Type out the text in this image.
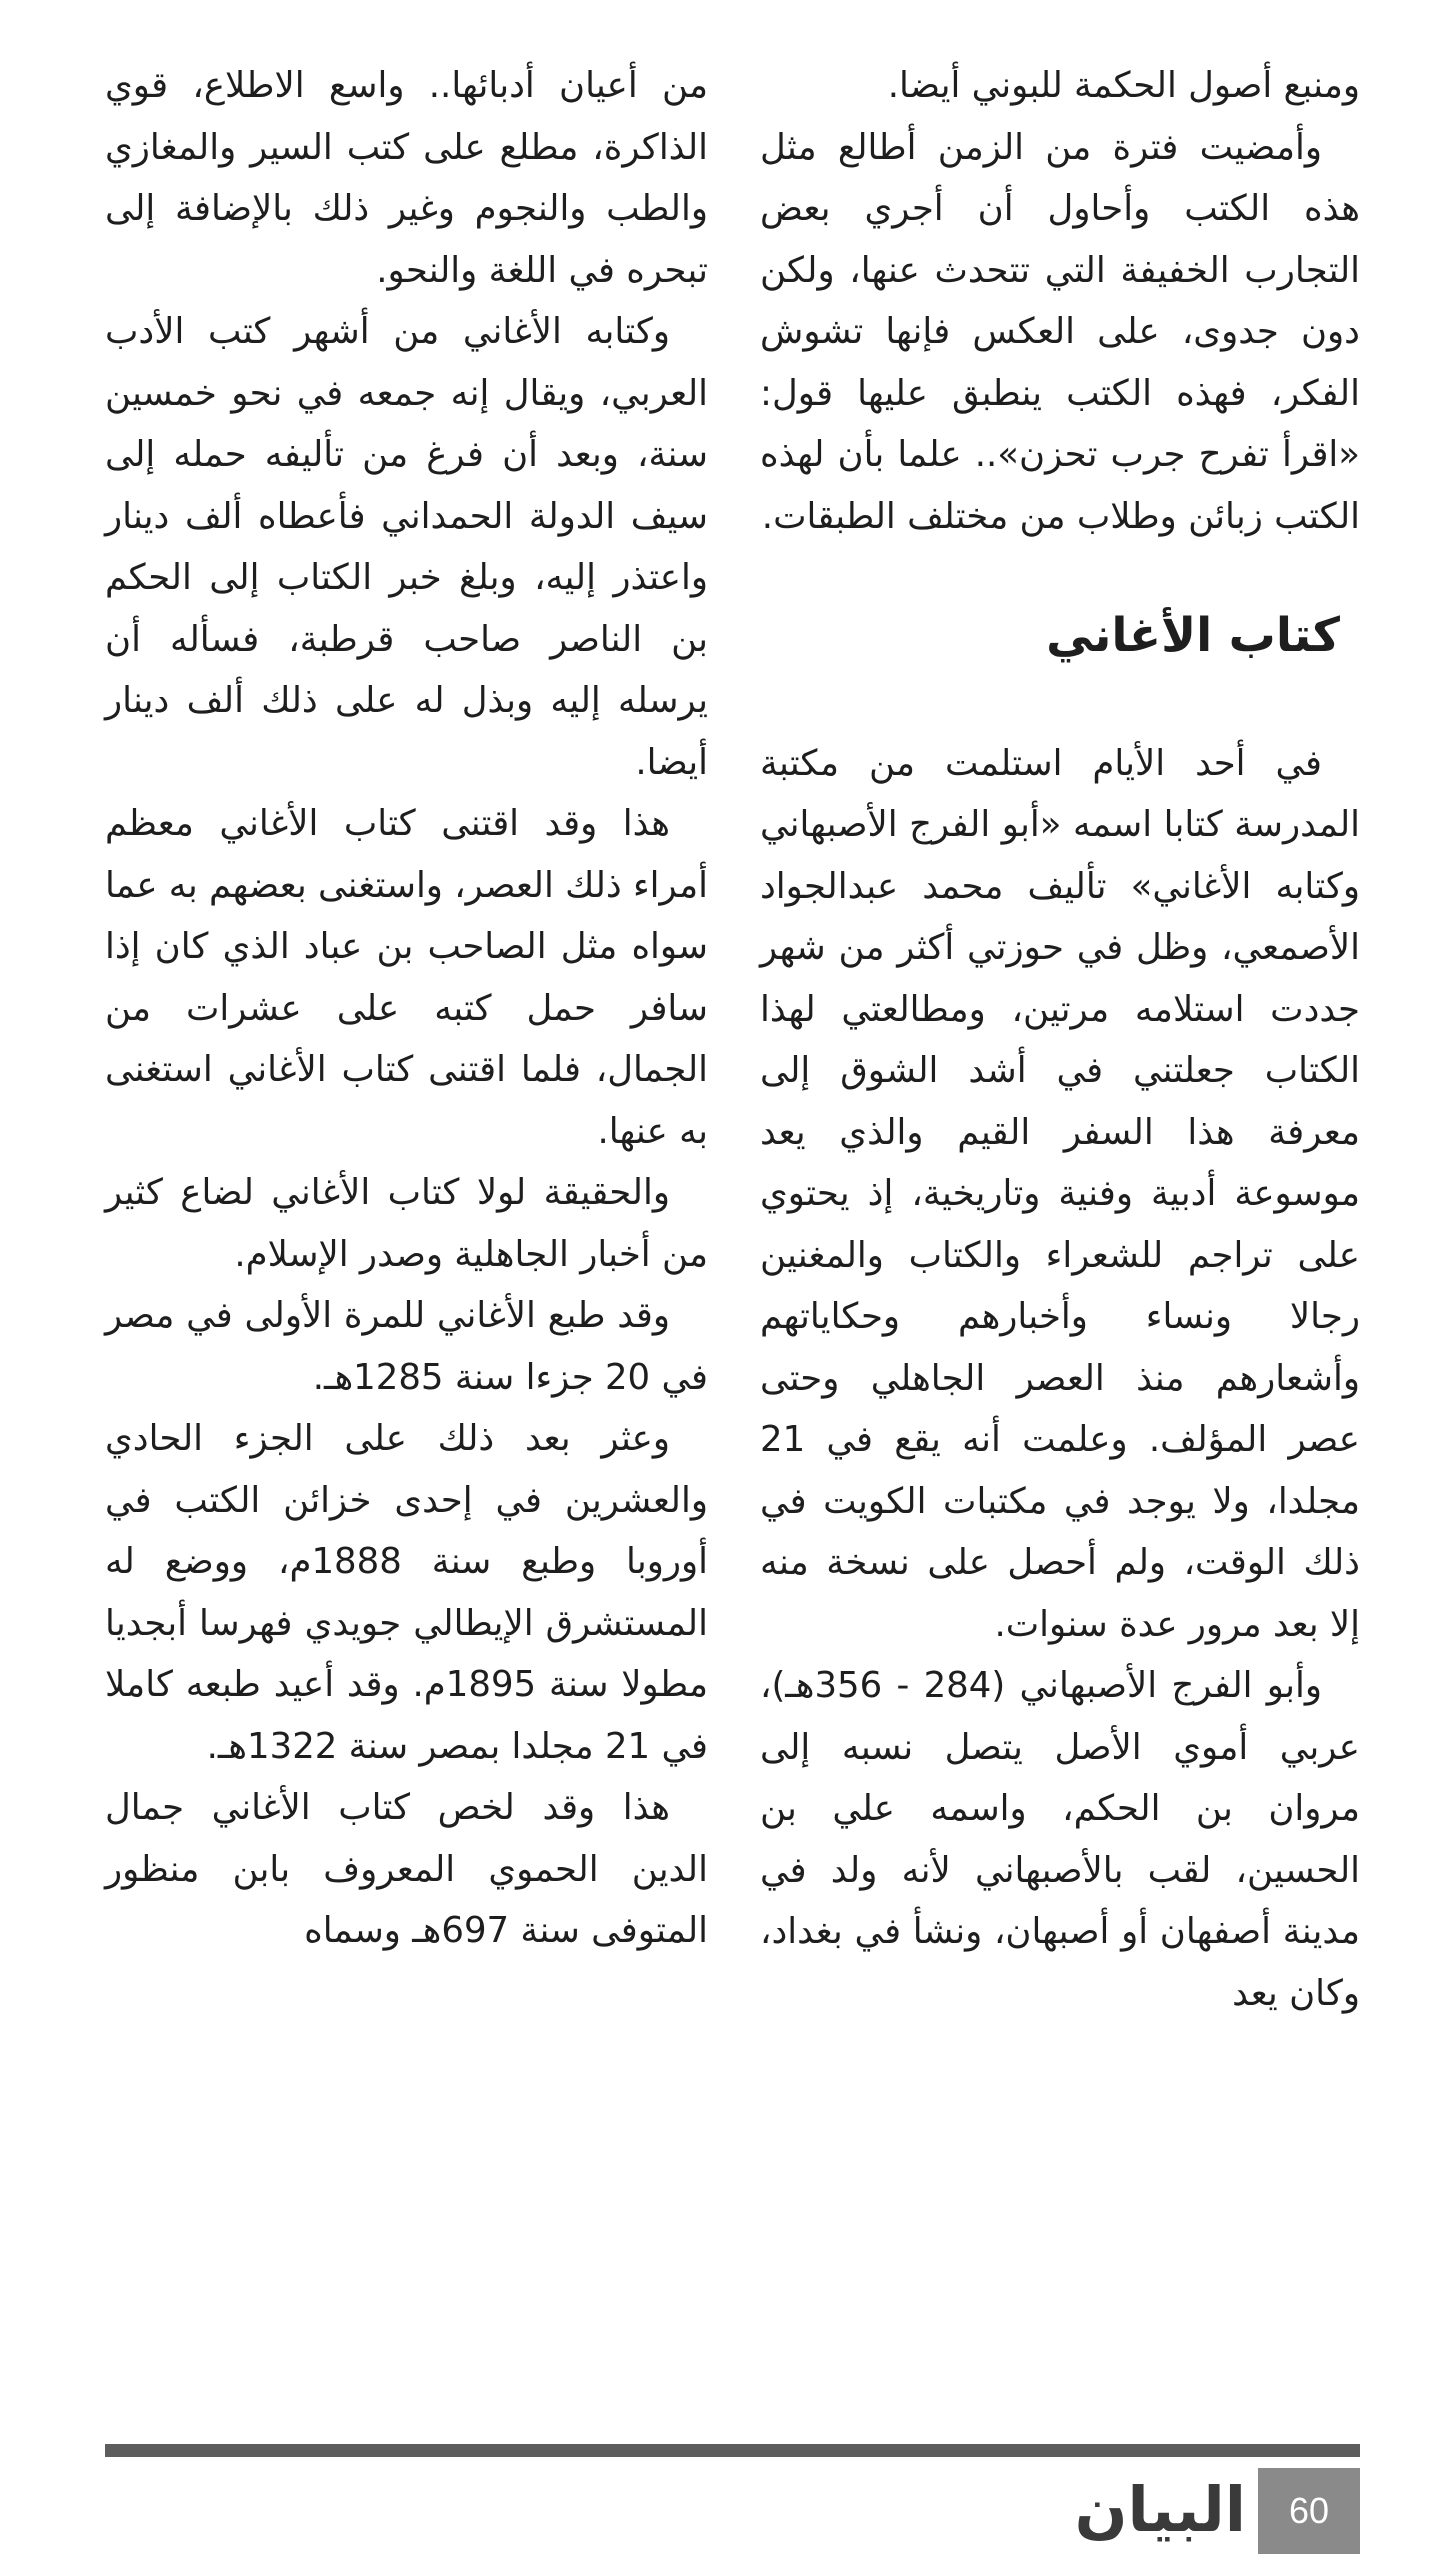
ومنبع أصول الحكمة للبوني أيضا.

وأمضيت فترة من الزمن أطالع مثل هذه الكتب وأحاول أن أجري بعض التجارب الخفيفة التي تتحدث عنها، ولكن دون جدوى، على العكس فإنها تشوش الفكر، فهذه الكتب ينطبق عليها قول: «اقرأ تفرح جرب تحزن».. علما بأن لهذه الكتب زبائن وطلاب من مختلف الطبقات.

كتاب الأغاني

في أحد الأيام استلمت من مكتبة المدرسة كتابا اسمه «أبو الفرج الأصبهاني وكتابه الأغاني» تأليف محمد عبدالجواد الأصمعي، وظل في حوزتي أكثر من شهر جددت استلامه مرتين، ومطالعتي لهذا الكتاب جعلتني في أشد الشوق إلى معرفة هذا السفر القيم والذي يعد موسوعة أدبية وفنية وتاريخية، إذ يحتوي على تراجم للشعراء والكتاب والمغنين رجالا ونساء وأخبارهم وحكاياتهم وأشعارهم منذ العصر الجاهلي وحتى عصر المؤلف. وعلمت أنه يقع في 21 مجلدا، ولا يوجد في مكتبات الكويت في ذلك الوقت، ولم أحصل على نسخة منه إلا بعد مرور عدة سنوات.

وأبو الفرج الأصبهاني (284 - 356هـ)، عربي أموي الأصل يتصل نسبه إلى مروان بن الحكم، واسمه علي بن الحسين، لقب بالأصبهاني لأنه ولد في مدينة أصفهان أو أصبهان، ونشأ في بغداد، وكان يعد

من أعيان أدبائها.. واسع الاطلاع، قوي الذاكرة، مطلع على كتب السير والمغازي والطب والنجوم وغير ذلك بالإضافة إلى تبحره في اللغة والنحو.

وكتابه الأغاني من أشهر كتب الأدب العربي، ويقال إنه جمعه في نحو خمسين سنة، وبعد أن فرغ من تأليفه حمله إلى سيف الدولة الحمداني فأعطاه ألف دينار واعتذر إليه، وبلغ خبر الكتاب إلى الحكم بن الناصر صاحب قرطبة، فسأله أن يرسله إليه وبذل له على ذلك ألف دينار أيضا.

هذا وقد اقتنى كتاب الأغاني معظم أمراء ذلك العصر، واستغنى بعضهم به عما سواه مثل الصاحب بن عباد الذي كان إذا سافر حمل كتبه على عشرات من الجمال، فلما اقتنى كتاب الأغاني استغنى به عنها.

والحقيقة لولا كتاب الأغاني لضاع كثير من أخبار الجاهلية وصدر الإسلام.

وقد طبع الأغاني للمرة الأولى في مصر في 20 جزءا سنة 1285هـ.

وعثر بعد ذلك على الجزء الحادي والعشرين في إحدى خزائن الكتب في أوروبا وطبع سنة 1888م، ووضع له المستشرق الإيطالي جويدي فهرسا أبجديا مطولا سنة 1895م. وقد أعيد طبعه كاملا في 21 مجلدا بمصر سنة 1322هـ.

هذا وقد لخص كتاب الأغاني جمال الدين الحموي المعروف بابن منظور المتوفى سنة 697هـ وسماه

البيان	60
